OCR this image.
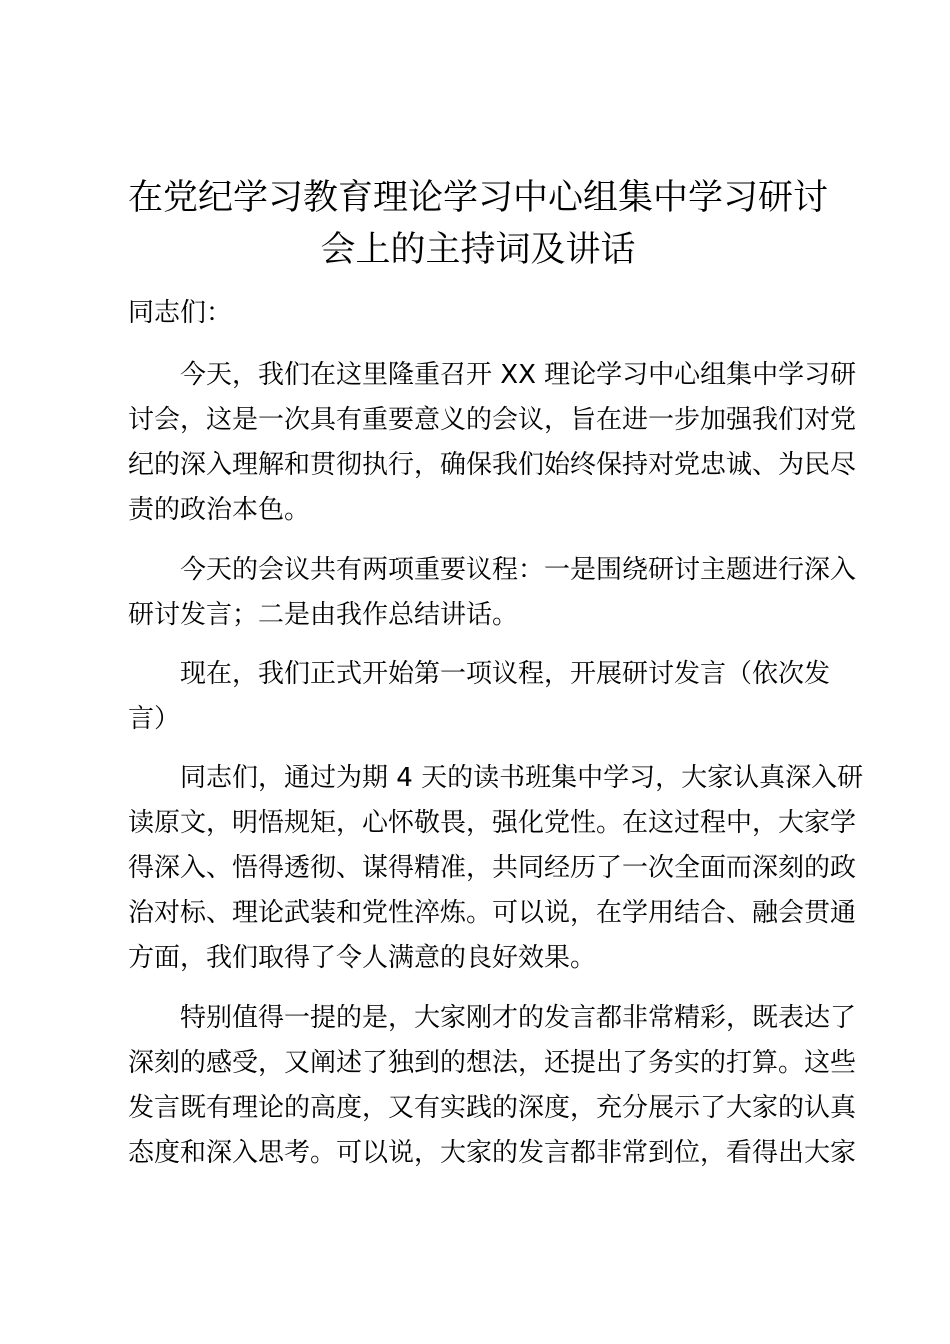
在党纪学习教育理论学习中心组集中学习研讨
会上的主持词及讲话
同志们：
今天，我们在这里隆重召开 XX 理论学习中心组集中学习研
讨会，这是一次具有重要意义的会议，旨在进一步加强我们对党
纪的深入理解和贯彻执行，确保我们始终保持对党忠诚、为民尽
责的政治本色。
今天的会议共有两项重要议程：一是围绕研讨主题进行深入
研讨发言；二是由我作总结讲话。
现在，我们正式开始第一项议程，开展研讨发言（依次发
言）
同志们，通过为期 4 天的读书班集中学习，大家认真深入研
读原文，明悟规矩，心怀敬畏，强化党性。在这过程中，大家学
得深入、悟得透彻、谋得精准，共同经历了一次全面而深刻的政
治对标、理论武装和党性淬炼。可以说，在学用结合、融会贯通
方面，我们取得了令人满意的良好效果。
特别值得一提的是，大家刚才的发言都非常精彩，既表达了
深刻的感受，又阐述了独到的想法，还提出了务实的打算。这些
发言既有理论的高度，又有实践的深度，充分展示了大家的认真
态度和深入思考。可以说，大家的发言都非常到位，看得出大家
